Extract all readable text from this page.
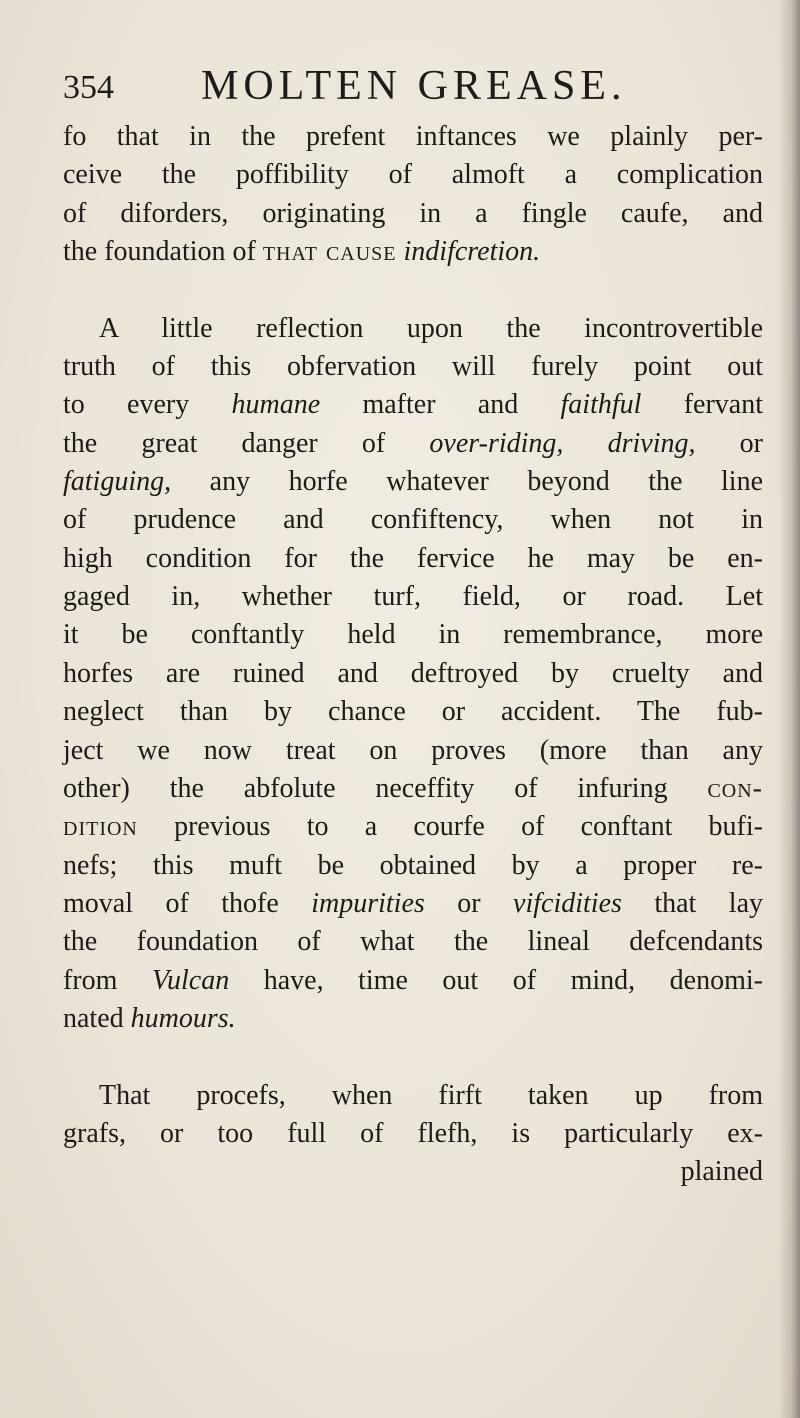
354 MOLTEN GREASE.
fo that in the prefent inftances we plainly per-
ceive the poffibility of almoft a complication
of diforders, originating in a fingle caufe, and
the foundation of that cause indifcretion.
A little reflection upon the incontrovertible
truth of this obfervation will furely point out
to every humane mafter and faithful fervant
the great danger of over-riding, driving, or
fatiguing, any horfe whatever beyond the line
of prudence and confiftency, when not in
high condition for the fervice he may be en-
gaged in, whether turf, field, or road. Let
it be conftantly held in remembrance, more
horfes are ruined and deftroyed by cruelty and
neglect than by chance or accident. The fub-
ject we now treat on proves (more than any
other) the abfolute neceffity of infuring con-
dition previous to a courfe of conftant bufi-
nefs; this muft be obtained by a proper re-
moval of thofe impurities or vifcidities that lay
the foundation of what the lineal defcendants
from Vulcan have, time out of mind, denomi-
nated humours.
That procefs, when firft taken up from
grafs, or too full of flefh, is particularly ex-
plained
